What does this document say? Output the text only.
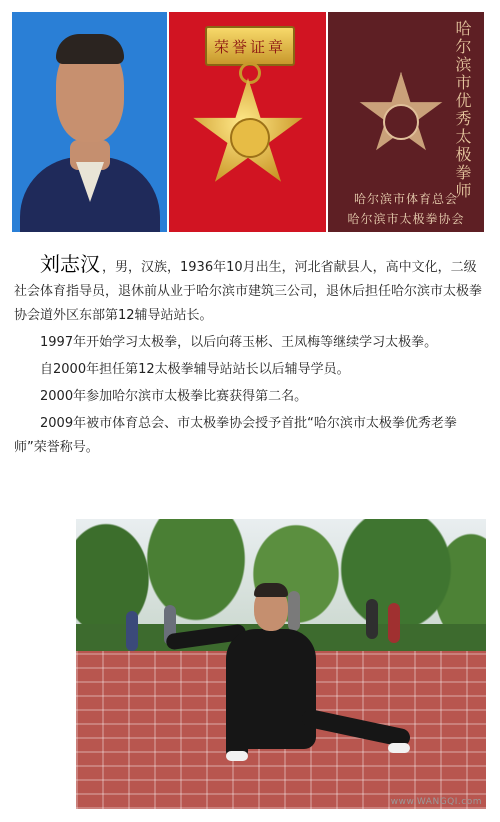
荣誉证章	哈尔滨市优秀太极拳师
哈尔滨市体育总会
哈尔滨市太极拳协会

刘志汉 ，男，汉族，1936年10月出生，河北省献县人，高中文化，二级社会体育指导员，退休前从业于哈尔滨市建筑三公司，退休后担任哈尔滨市太极拳协会道外区东部第12辅导站站长。

1997年开始学习太极拳，以后向蒋玉彬、王凤梅等继续学习太极拳。

自2000年担任第12太极拳辅导站站长以后辅导学员。

2000年参加哈尔滨市太极拳比赛获得第二名。

2009年被市体育总会、市太极拳协会授予首批“哈尔滨市太极拳优秀老拳师”荣誉称号。

www.WANGQI.com
